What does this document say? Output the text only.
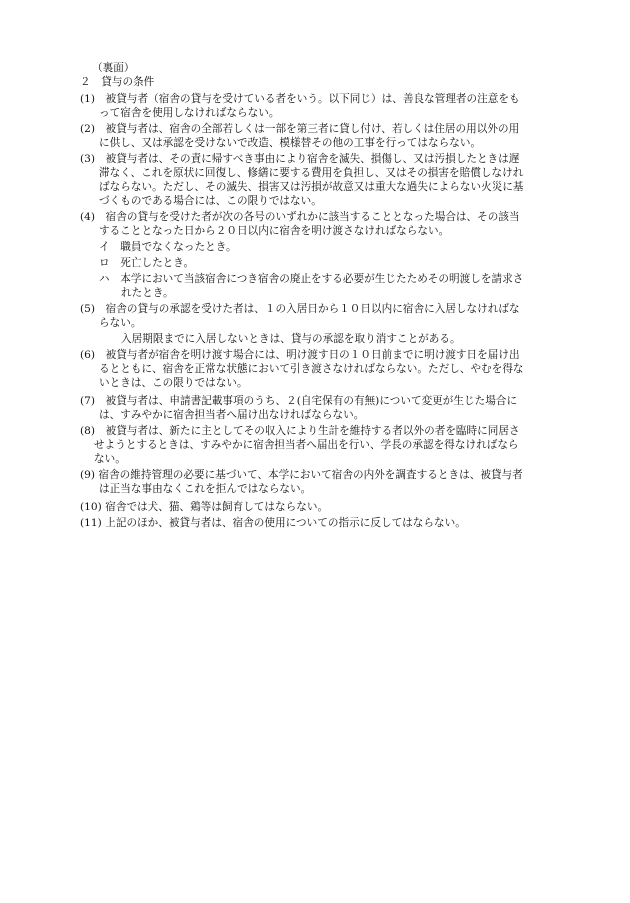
（裏面）
２　貸与の条件
(1)　被貸与者（宿舎の貸与を受けている者をいう。以下同じ）は、善良な管理者の注意をも
って宿舎を使用しなければならない。
(2)　被貸与者は、宿舎の全部若しくは一部を第三者に貸し付け、若しくは住居の用以外の用
に供し、又は承認を受けないで改造、模様替その他の工事を行ってはならない。
(3)　被貸与者は、その責に帰すべき事由により宿舎を滅失、損傷し、又は汚損したときは遅
滞なく、これを原状に回復し、修繕に要する費用を負担し、又はその損害を賠償しなけれ
ばならない。ただし、その滅失、損害又は汚損が故意又は重大な過失によらない火災に基
づくものである場合には、この限りではない。
(4)　宿舎の貸与を受けた者が次の各号のいずれかに該当することとなった場合は、その該当
することとなった日から２０日以内に宿舎を明け渡さなければならない。
イ　職員でなくなったとき。
ロ　死亡したとき。
ハ　本学において当該宿舎につき宿舎の廃止をする必要が生じたためその明渡しを請求さ
れたとき。
(5)　宿舎の貸与の承認を受けた者は、１の入居日から１０日以内に宿舎に入居しなければな
らない。
入居期限までに入居しないときは、貸与の承認を取り消すことがある。
(6)　被貸与者が宿舎を明け渡す場合には、明け渡す日の１０日前までに明け渡す日を届け出
るとともに、宿舎を正常な状態において引き渡さなければならない。ただし、やむを得な
いときは、この限りではない。
(7)　被貸与者は、申請書記載事項のうち、２(自宅保有の有無)について変更が生じた場合に
は、すみやかに宿舎担当者へ届け出なければならない。
(8)　被貸与者は、新たに主としてその収入により生計を維持する者以外の者を臨時に同居さ
せようとするときは、すみやかに宿舎担当者へ届出を行い、学長の承認を得なければなら
ない。
(9) 宿舎の維持管理の必要に基づいて、本学において宿舎の内外を調査するときは、被貸与者
は正当な事由なくこれを拒んではならない。
(10) 宿舎では犬、猫、鶏等は飼育してはならない。
(11) 上記のほか、被貸与者は、宿舎の使用についての指示に反してはならない。
